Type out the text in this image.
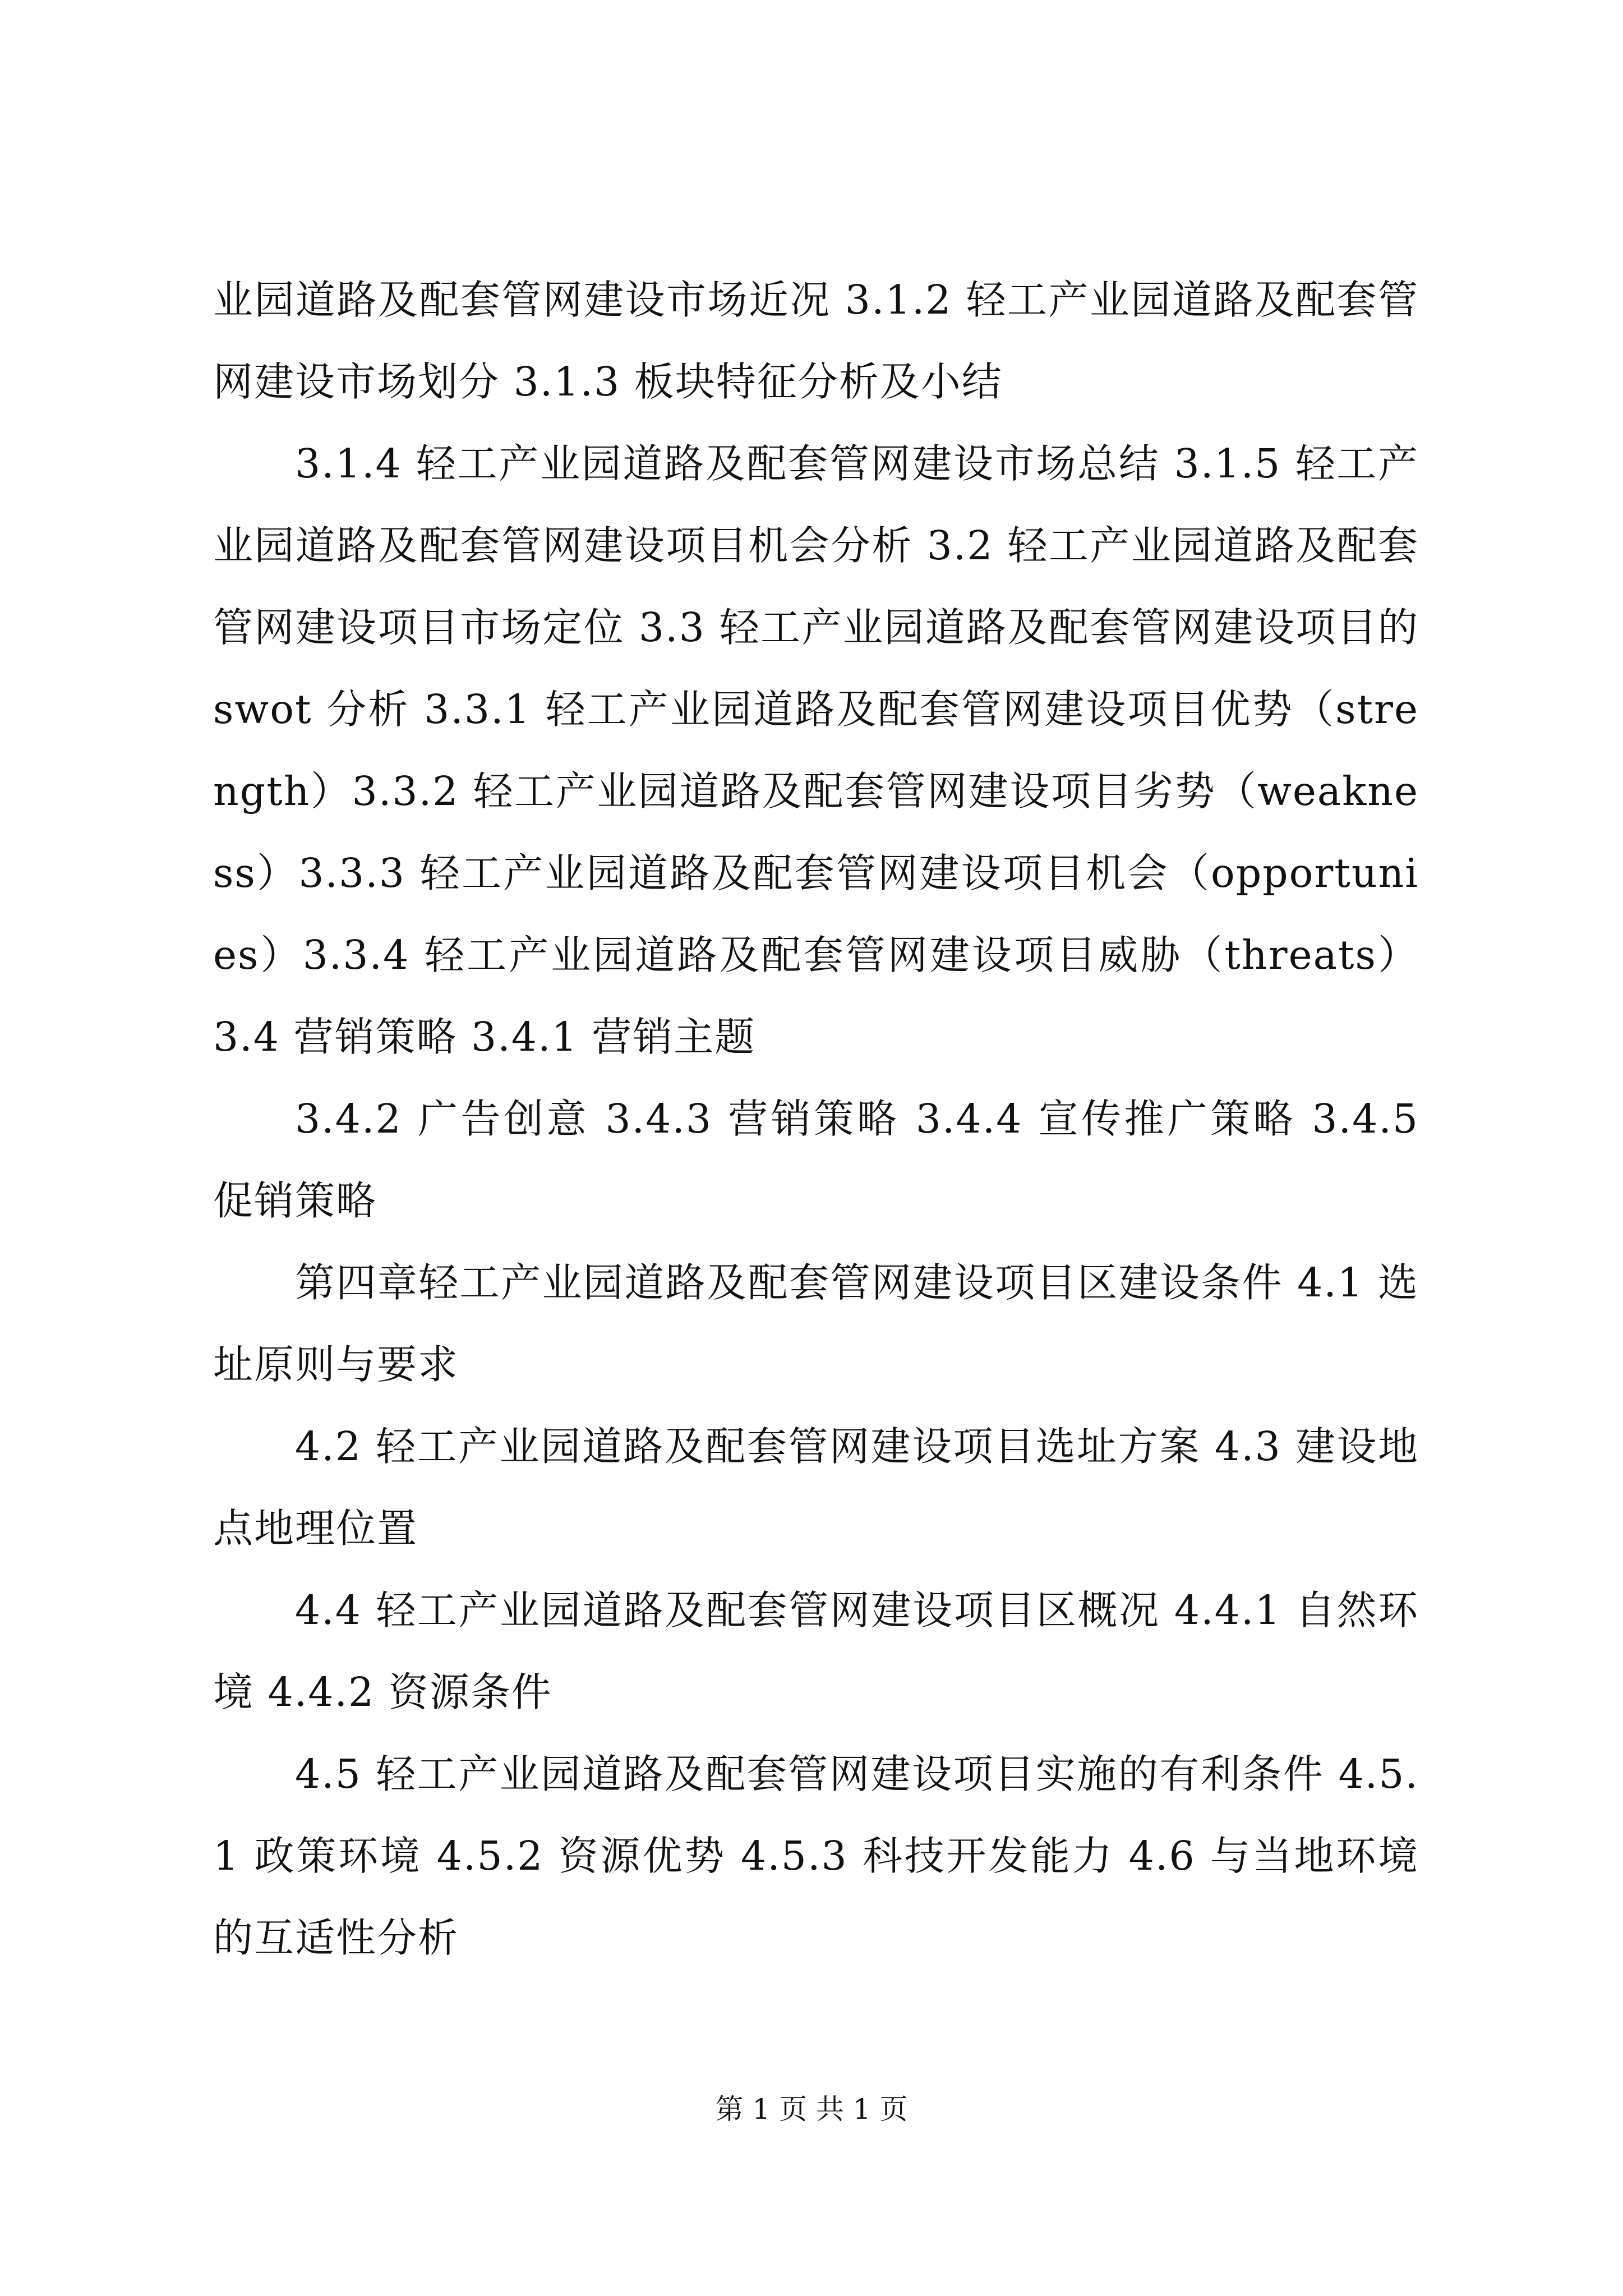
业园道路及配套管网建设市场近况 3.1.2 轻工产业园道路及配套管网建设市场划分 3.1.3 板块特征分析及小结

3.1.4 轻工产业园道路及配套管网建设市场总结 3.1.5 轻工产业园道路及配套管网建设项目机会分析 3.2 轻工产业园道路及配套管网建设项目市场定位 3.3 轻工产业园道路及配套管网建设项目的 swot 分析 3.3.1 轻工产业园道路及配套管网建设项目优势（strength）3.3.2 轻工产业园道路及配套管网建设项目劣势（weakness）3.3.3 轻工产业园道路及配套管网建设项目机会（opportunies）3.3.4 轻工产业园道路及配套管网建设项目威胁（threats）3.4 营销策略 3.4.1 营销主题

3.4.2 广告创意 3.4.3 营销策略 3.4.4 宣传推广策略 3.4.5 促销策略

第四章轻工产业园道路及配套管网建设项目区建设条件 4.1 选址原则与要求

4.2 轻工产业园道路及配套管网建设项目选址方案 4.3 建设地点地理位置

4.4 轻工产业园道路及配套管网建设项目区概况 4.4.1 自然环境 4.4.2 资源条件

4.5 轻工产业园道路及配套管网建设项目实施的有利条件 4.5.1 政策环境 4.5.2 资源优势 4.5.3 科技开发能力 4.6 与当地环境的互适性分析

第 1 页 共 1 页
